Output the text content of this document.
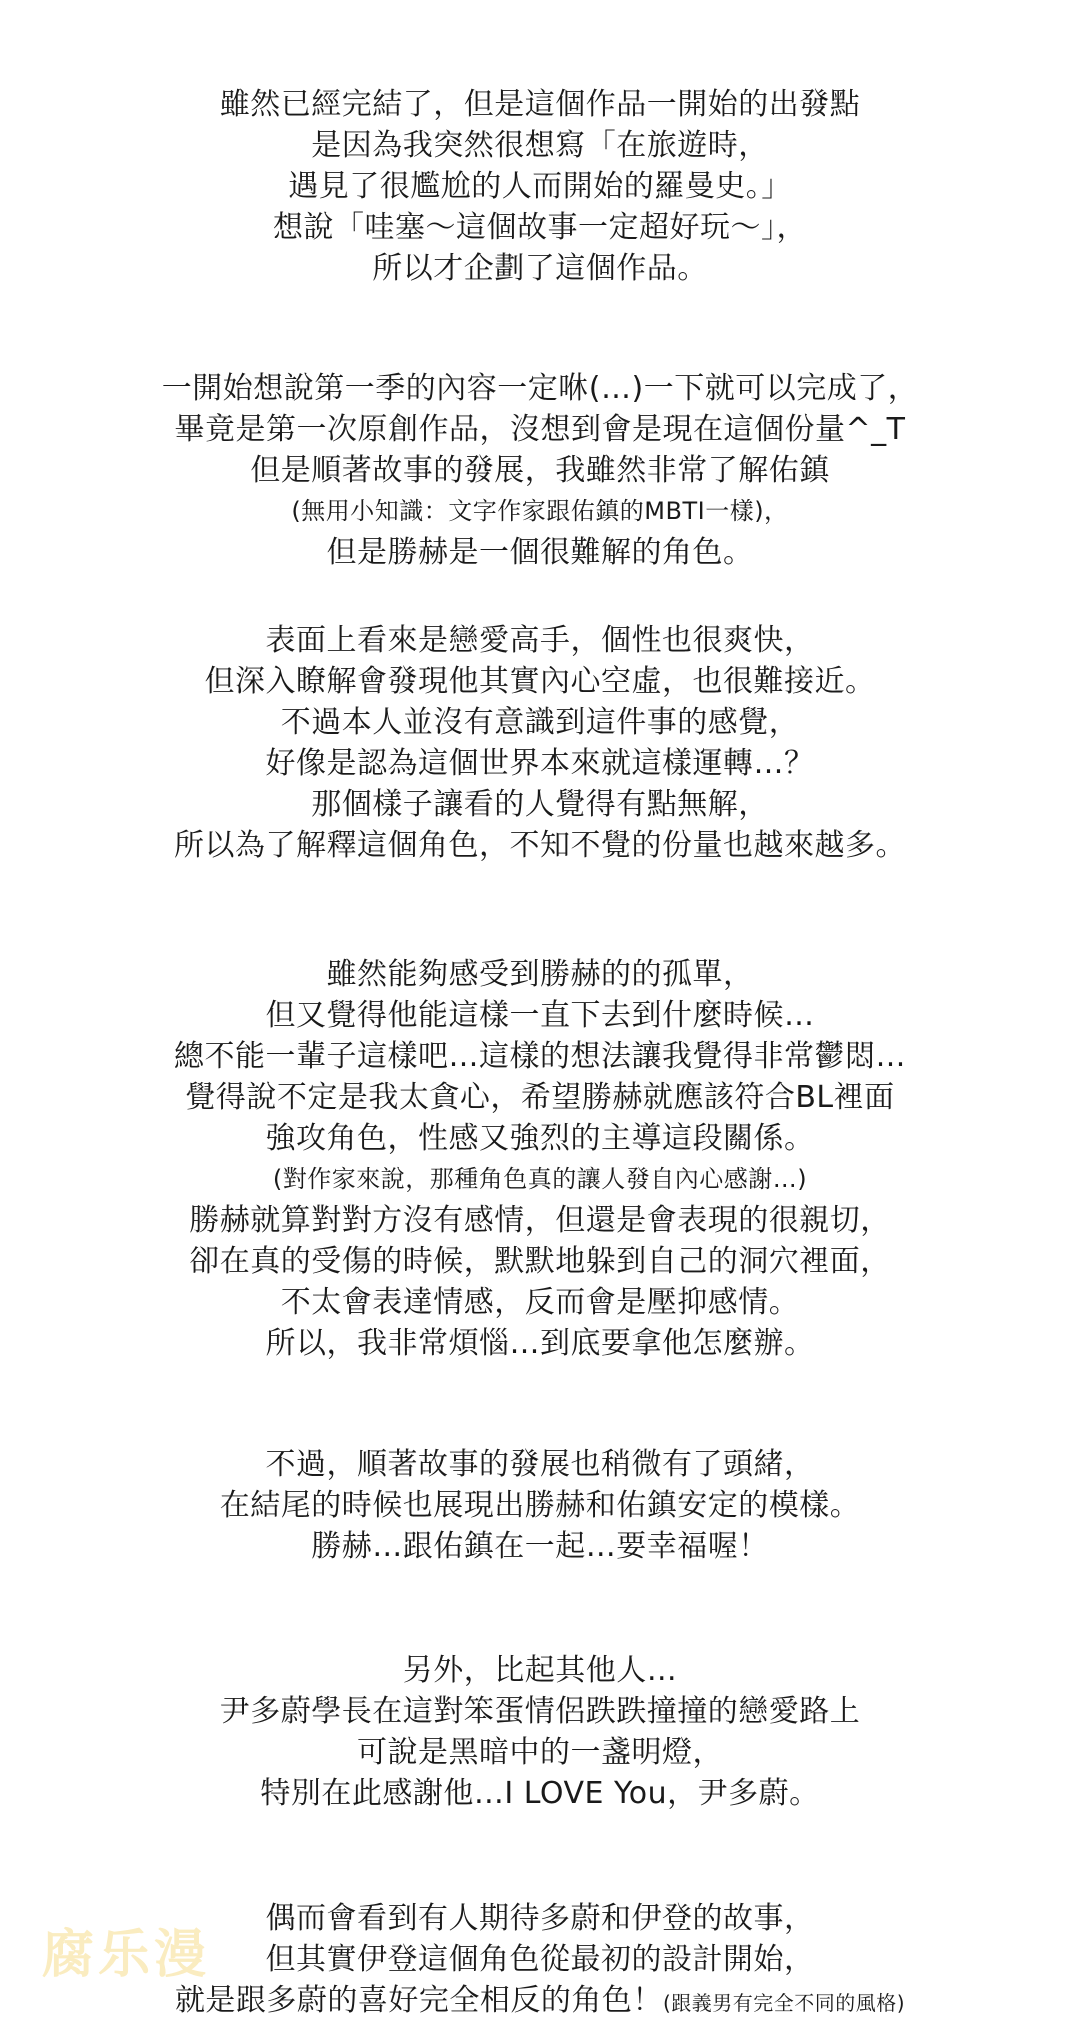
雖然已經完結了，但是這個作品一開始的出發點
是因為我突然很想寫「在旅遊時，
遇見了很尷尬的人而開始的羅曼史。」
想說「哇塞～這個故事一定超好玩～」，
所以才企劃了這個作品。
一開始想說第一季的內容一定咻(…)一下就可以完成了，
畢竟是第一次原創作品，沒想到會是現在這個份量^_T
但是順著故事的發展，我雖然非常了解佑鎮
(無用小知識：文字作家跟佑鎮的MBTI一樣)，
但是勝赫是一個很難解的角色。
表面上看來是戀愛高手，個性也很爽快，
但深入瞭解會發現他其實內心空虛，也很難接近。
不過本人並沒有意識到這件事的感覺，
好像是認為這個世界本來就這樣運轉…？
那個樣子讓看的人覺得有點無解，
所以為了解釋這個角色，不知不覺的份量也越來越多。
雖然能夠感受到勝赫的的孤單，
但又覺得他能這樣一直下去到什麼時候…
總不能一輩子這樣吧…這樣的想法讓我覺得非常鬱悶…
覺得說不定是我太貪心，希望勝赫就應該符合BL裡面
強攻角色，性感又強烈的主導這段關係。
(對作家來說，那種角色真的讓人發自內心感謝…)
勝赫就算對對方沒有感情，但還是會表現的很親切，
卻在真的受傷的時候，默默地躲到自己的洞穴裡面，
不太會表達情感，反而會是壓抑感情。
所以，我非常煩惱…到底要拿他怎麼辦。
不過，順著故事的發展也稍微有了頭緒，
在結尾的時候也展現出勝赫和佑鎮安定的模樣。
勝赫…跟佑鎮在一起…要幸福喔！
另外，比起其他人…
尹多蔚學長在這對笨蛋情侶跌跌撞撞的戀愛路上
可說是黑暗中的一盞明燈，
特別在此感謝他…I LOVE You，尹多蔚。
偶而會看到有人期待多蔚和伊登的故事，
但其實伊登這個角色從最初的設計開始，
就是跟多蔚的喜好完全相反的角色！(跟義男有完全不同的風格)
腐乐漫
